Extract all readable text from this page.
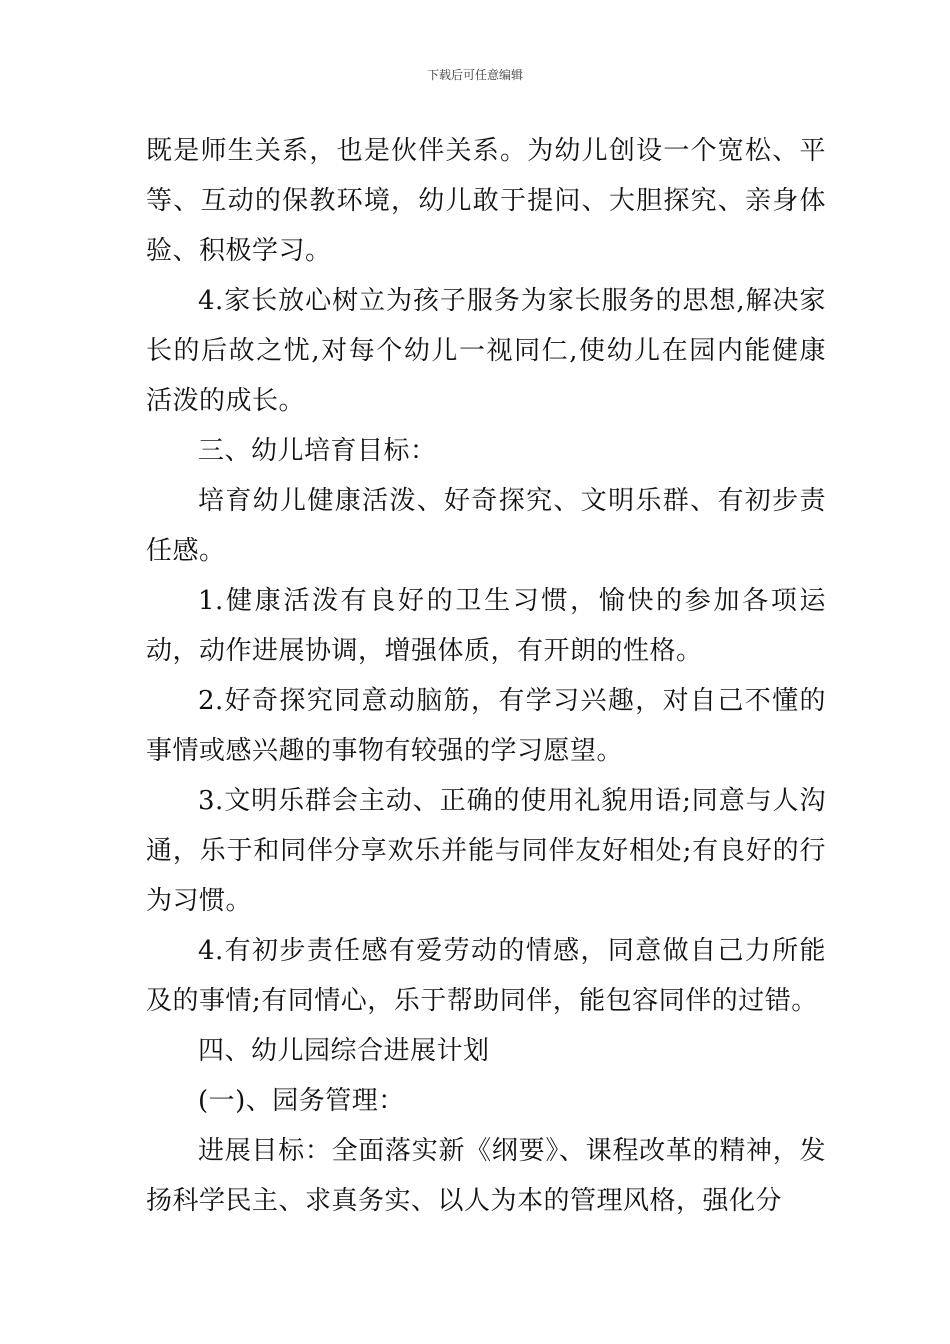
下载后可任意编辑

既是师生关系，也是伙伴关系。为幼儿创设一个宽松、平等、互动的保教环境，幼儿敢于提问、大胆探究、亲身体验、积极学习。

4.家长放心树立为孩子服务为家长服务的思想,解决家长的后故之忧,对每个幼儿一视同仁,使幼儿在园内能健康活泼的成长。

三、幼儿培育目标：

培育幼儿健康活泼、好奇探究、文明乐群、有初步责任感。

1.健康活泼有良好的卫生习惯，愉快的参加各项运动，动作进展协调，增强体质，有开朗的性格。

2.好奇探究同意动脑筋，有学习兴趣，对自己不懂的事情或感兴趣的事物有较强的学习愿望。

3.文明乐群会主动、正确的使用礼貌用语;同意与人沟通，乐于和同伴分享欢乐并能与同伴友好相处;有良好的行为习惯。

4.有初步责任感有爱劳动的情感，同意做自己力所能及的事情;有同情心，乐于帮助同伴，能包容同伴的过错。

四、幼儿园综合进展计划

(一)、园务管理：

进展目标：全面落实新《纲要》、课程改革的精神，发扬科学民主、求真务实、以人为本的管理风格，强化分
